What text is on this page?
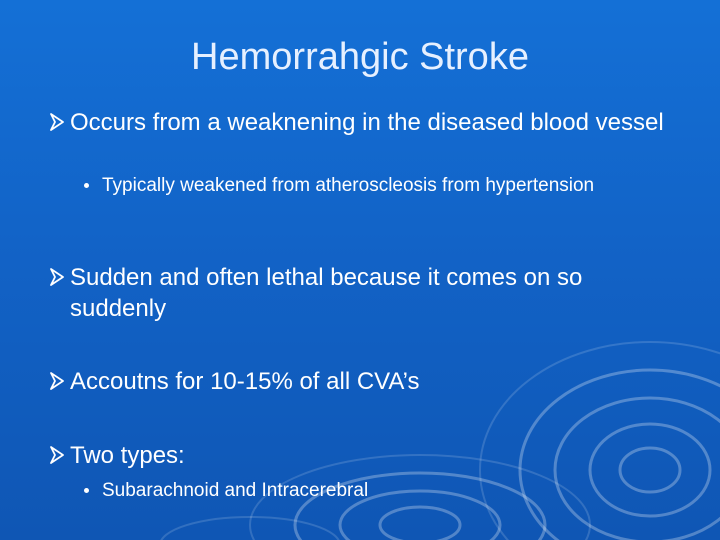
Hemorrahgic Stroke
Occurs from a weaknening in the diseased blood vessel
Typically weakened from atheroscleosis from hypertension
Sudden and often lethal because it comes on so suddenly
Accoutns for 10-15% of all CVA’s
Two types:
Subarachnoid and Intracerebral
